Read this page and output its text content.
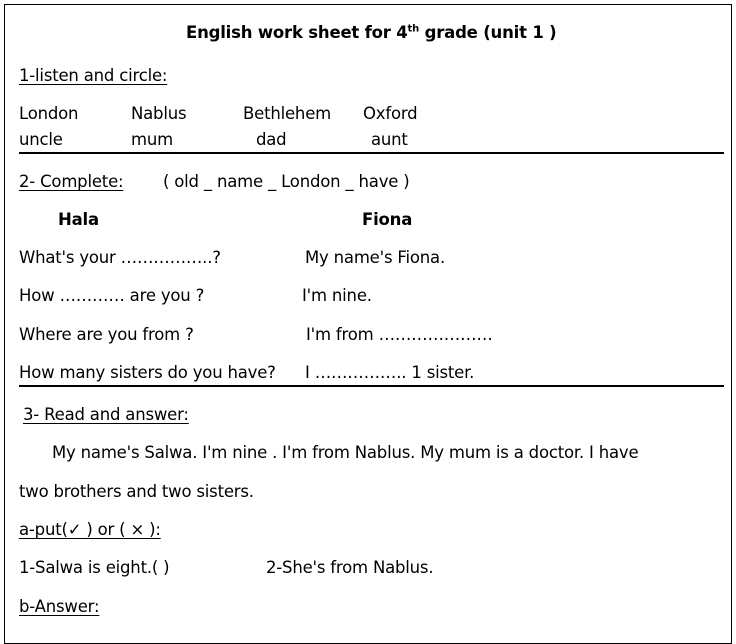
English work sheet for 4th grade (unit 1 )
1-listen and circle:
London	Nablus	Bethlehem Oxford
uncle	mum	dad	aunt
2- Complete: ( old _ name _ London _ have )
Hala	Fiona
What's your ……………..?	My name's Fiona.
How ………… are you ?	I'm nine.
Where are you from ?	I'm from …………………
How many sisters do you have? I …………….. 1 sister.
3- Read and answer:
My name's Salwa. I'm nine . I'm from Nablus. My mum is a doctor. I have
two brothers and two sisters.
a-put(✓ ) or ( × ):
1-Salwa is eight.( )	2-She's from Nablus.
b-Answer:
